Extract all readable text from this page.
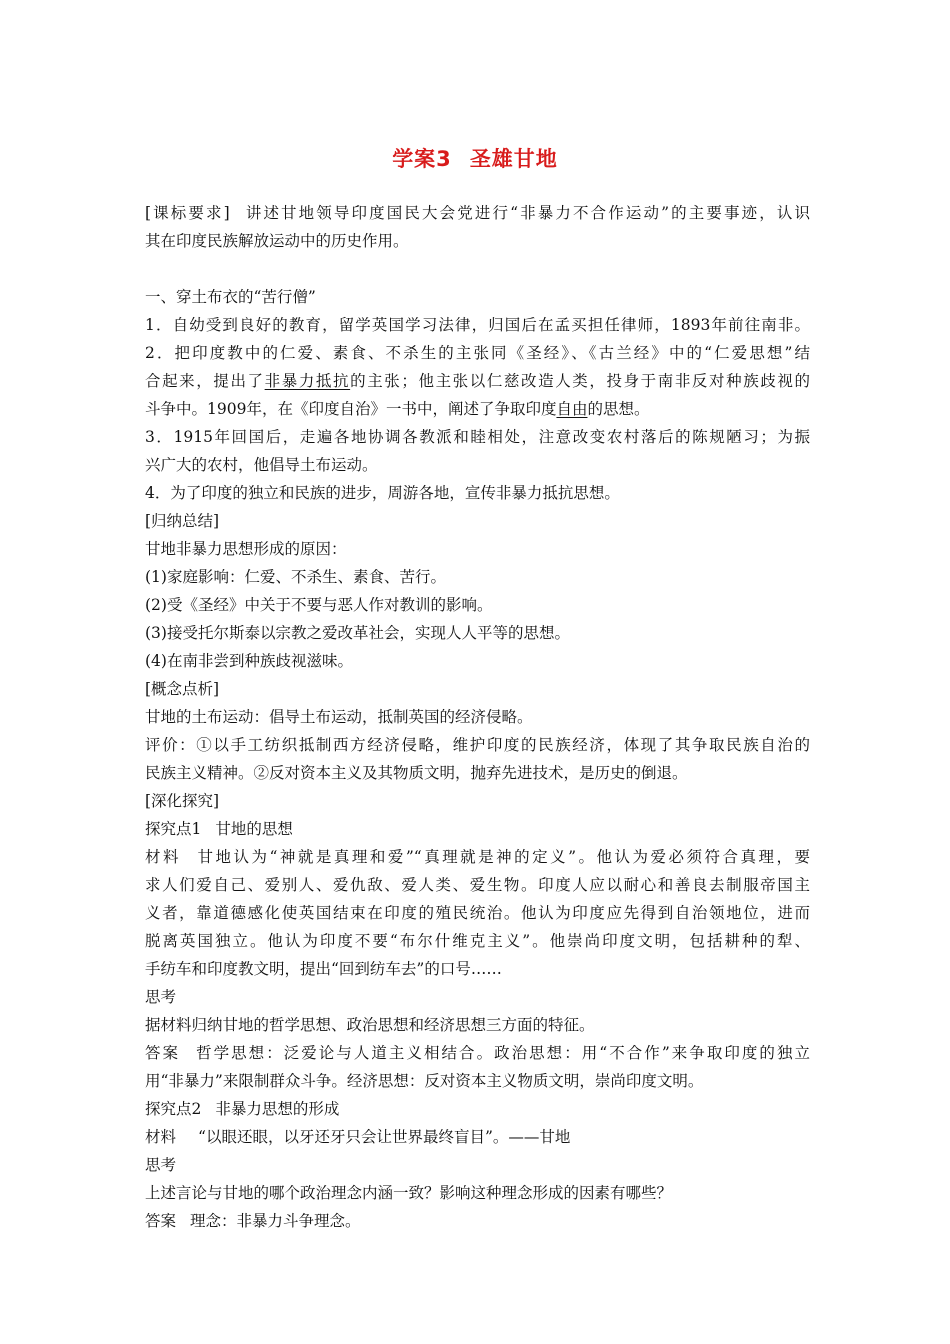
学案3 圣雄甘地
[课标要求] 讲述甘地领导印度国民大会党进行“非暴力不合作运动”的主要事迹，认识
其在印度民族解放运动中的历史作用。
一、穿土布衣的“苦行僧”
1．自幼受到良好的教育，留学英国学习法律，归国后在孟买担任律师，1893年前往南非。
2．把印度教中的仁爱、素食、不杀生的主张同《圣经》、《古兰经》中的“仁爱思想”结
合起来，提出了非暴力抵抗的主张；他主张以仁慈改造人类，投身于南非反对种族歧视的
斗争中。1909年，在《印度自治》一书中，阐述了争取印度自由的思想。
3．1915年回国后，走遍各地协调各教派和睦相处，注意改变农村落后的陈规陋习；为振
兴广大的农村，他倡导土布运动。
4．为了印度的独立和民族的进步，周游各地，宣传非暴力抵抗思想。
[归纳总结]
甘地非暴力思想形成的原因：
(1)家庭影响：仁爱、不杀生、素食、苦行。
(2)受《圣经》中关于不要与恶人作对教训的影响。
(3)接受托尔斯泰以宗教之爱改革社会，实现人人平等的思想。
(4)在南非尝到种族歧视滋味。
[概念点析]
甘地的土布运动：倡导土布运动，抵制英国的经济侵略。
评价：①以手工纺织抵制西方经济侵略，维护印度的民族经济，体现了其争取民族自治的
民族主义精神。②反对资本主义及其物质文明，抛弃先进技术，是历史的倒退。
[深化探究]
探究点1 甘地的思想
材料 甘地认为“神就是真理和爱”“真理就是神的定义”。他认为爱必须符合真理，要
求人们爱自己、爱别人、爱仇敌、爱人类、爱生物。印度人应以耐心和善良去制服帝国主
义者，靠道德感化使英国结束在印度的殖民统治。他认为印度应先得到自治领地位，进而
脱离英国独立。他认为印度不要“布尔什维克主义”。他崇尚印度文明，包括耕种的犁、
手纺车和印度教文明，提出“回到纺车去”的口号……
思考
据材料归纳甘地的哲学思想、政治思想和经济思想三方面的特征。
答案 哲学思想：泛爱论与人道主义相结合。政治思想：用“不合作”来争取印度的独立
用“非暴力”来限制群众斗争。经济思想：反对资本主义物质文明，崇尚印度文明。
探究点2 非暴力思想的形成
材料 “以眼还眼，以牙还牙只会让世界最终盲目”。——甘地
思考
上述言论与甘地的哪个政治理念内涵一致？影响这种理念形成的因素有哪些？
答案 理念：非暴力斗争理念。
